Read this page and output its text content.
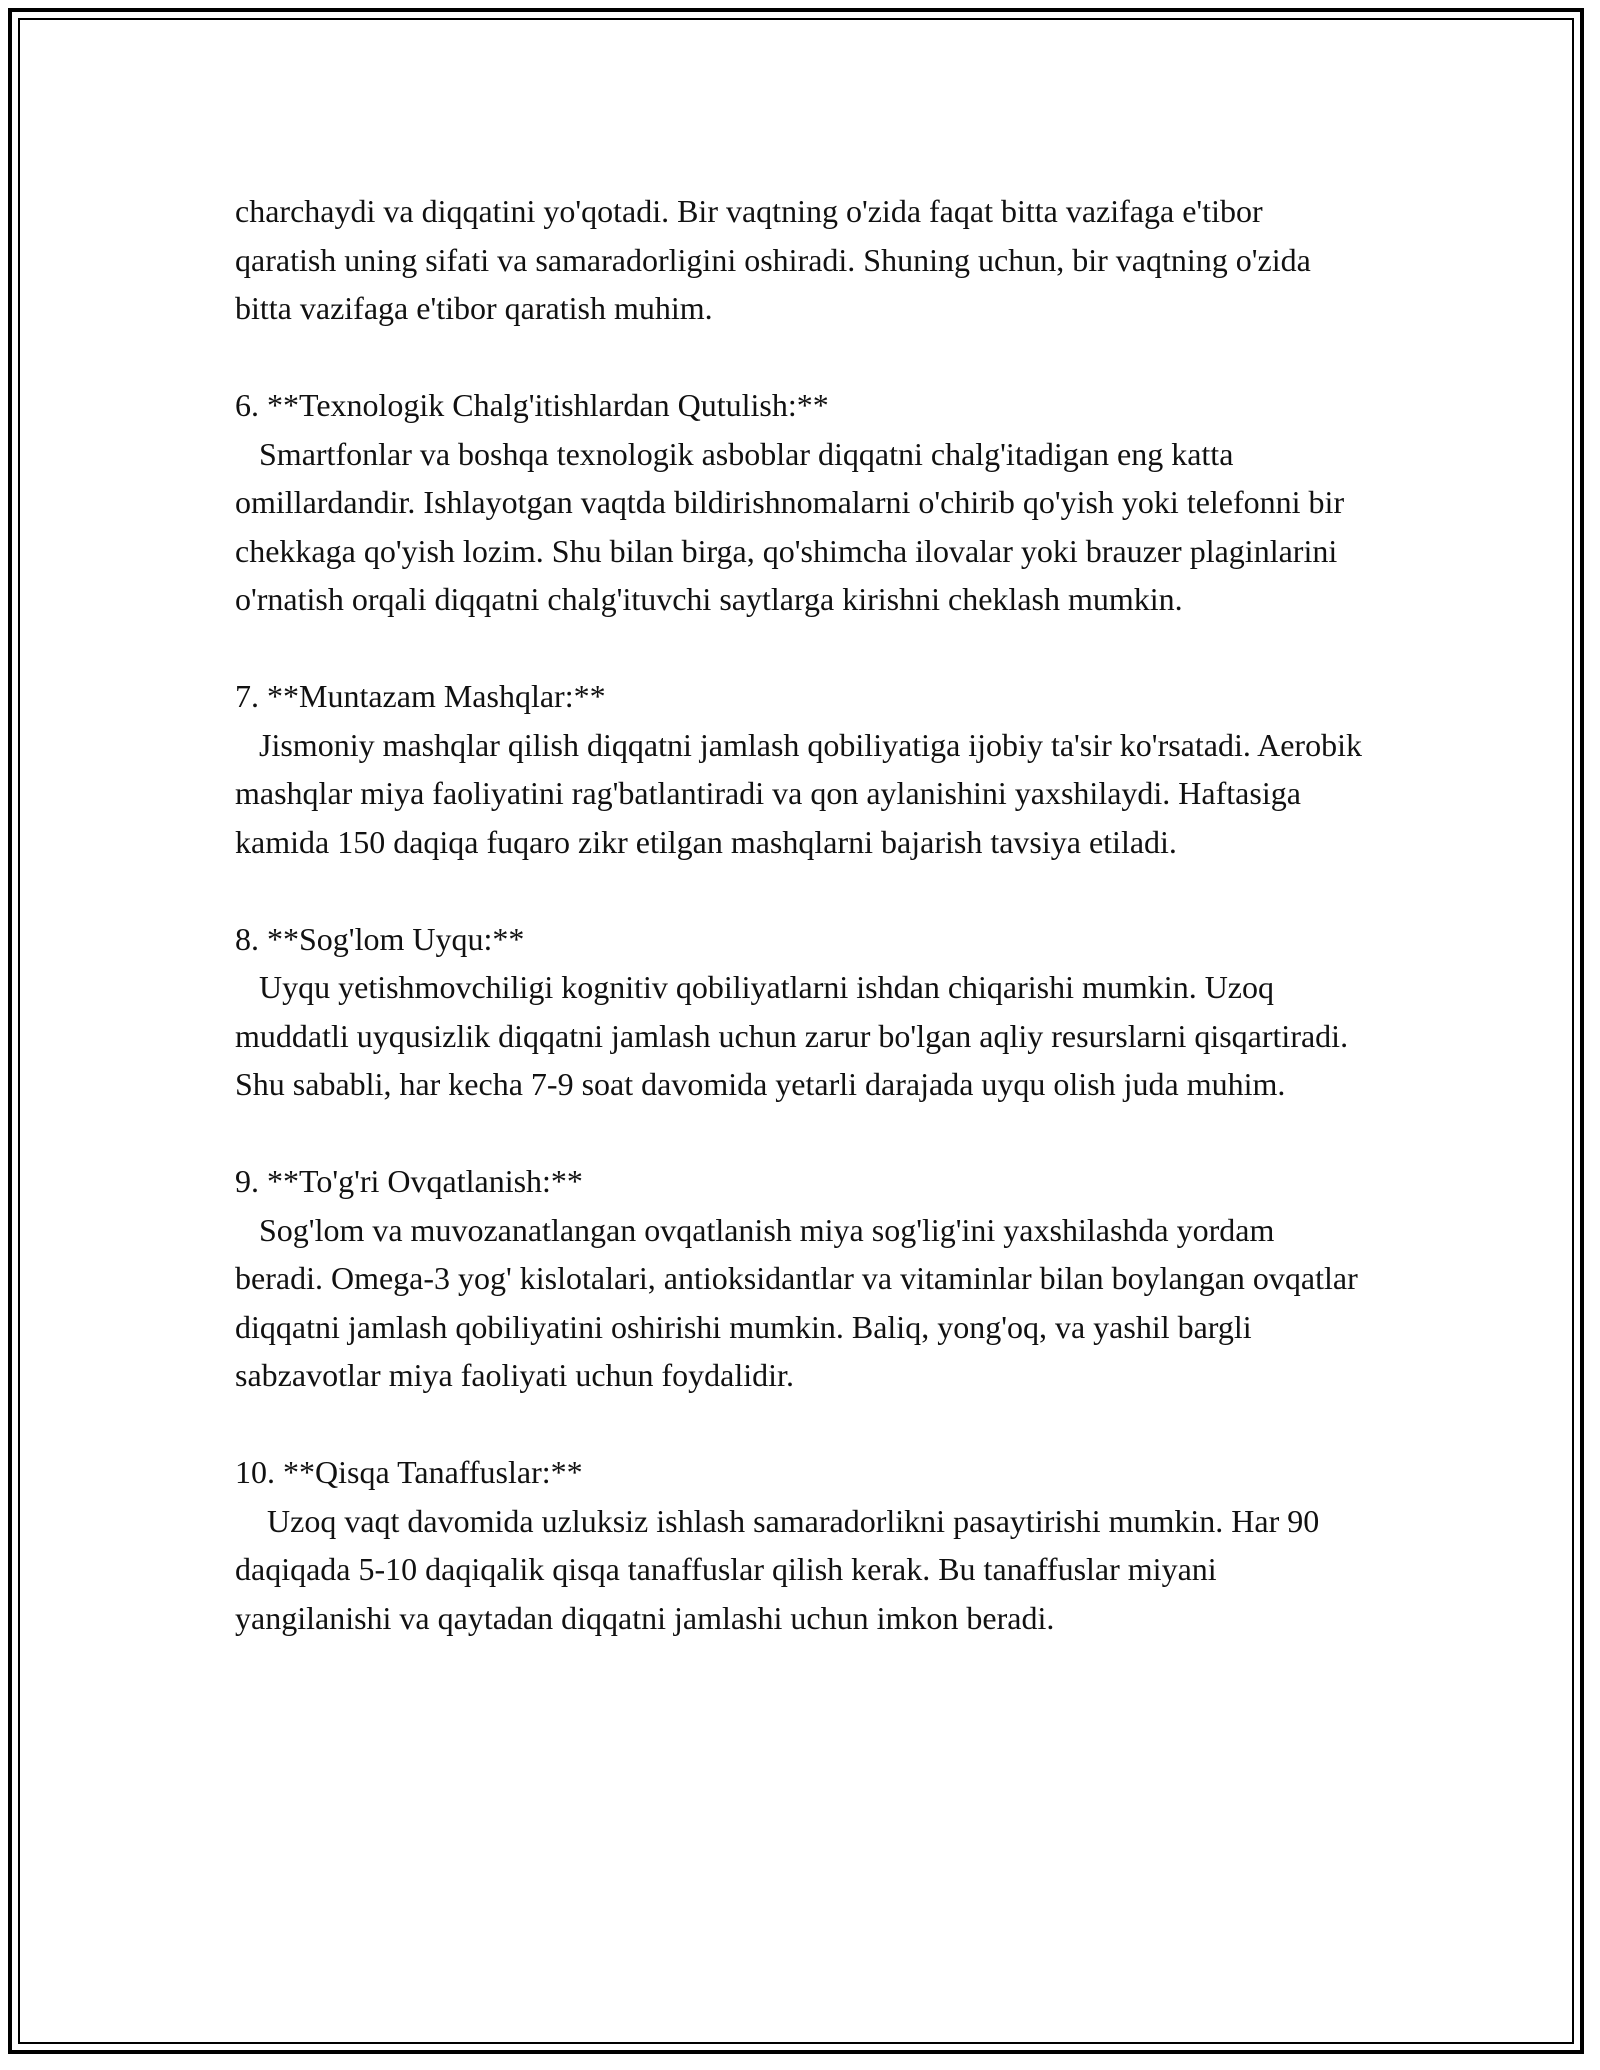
charchaydi va diqqatini yo'qotadi. Bir vaqtning o'zida faqat bitta vazifaga e'tibor qaratish uning sifati va samaradorligini oshiradi. Shuning uchun, bir vaqtning o'zida bitta vazifaga e'tibor qaratish muhim.

6. **Texnologik Chalg'itishlardan Qutulish:**

Smartfonlar va boshqa texnologik asboblar diqqatni chalg'itadigan eng katta omillardandir. Ishlayotgan vaqtda bildirishnomalarni o'chirib qo'yish yoki telefonni bir chekkaga qo'yish lozim. Shu bilan birga, qo'shimcha ilovalar yoki brauzer plaginlarini o'rnatish orqali diqqatni chalg'ituvchi saytlarga kirishni cheklash mumkin.

7. **Muntazam Mashqlar:**

Jismoniy mashqlar qilish diqqatni jamlash qobiliyatiga ijobiy ta'sir ko'rsatadi. Aerobik mashqlar miya faoliyatini rag'batlantiradi va qon aylanishini yaxshilaydi. Haftasiga kamida 150 daqiqa fuqaro zikr etilgan mashqlarni bajarish tavsiya etiladi.

8. **Sog'lom Uyqu:**

Uyqu yetishmovchiligi kognitiv qobiliyatlarni ishdan chiqarishi mumkin. Uzoq muddatli uyqusizlik diqqatni jamlash uchun zarur bo'lgan aqliy resurslarni qisqartiradi. Shu sababli, har kecha 7-9 soat davomida yetarli darajada uyqu olish juda muhim.

9. **To'g'ri Ovqatlanish:**

Sog'lom va muvozanatlangan ovqatlanish miya sog'lig'ini yaxshilashda yordam beradi. Omega-3 yog' kislotalari, antioksidantlar va vitaminlar bilan boylangan ovqatlar diqqatni jamlash qobiliyatini oshirishi mumkin. Baliq, yong'oq, va yashil bargli sabzavotlar miya faoliyati uchun foydalidir.

10. **Qisqa Tanaffuslar:**

Uzoq vaqt davomida uzluksiz ishlash samaradorlikni pasaytirishi mumkin. Har 90 daqiqada 5-10 daqiqalik qisqa tanaffuslar qilish kerak. Bu tanaffuslar miyani yangilanishi va qaytadan diqqatni jamlashi uchun imkon beradi.
